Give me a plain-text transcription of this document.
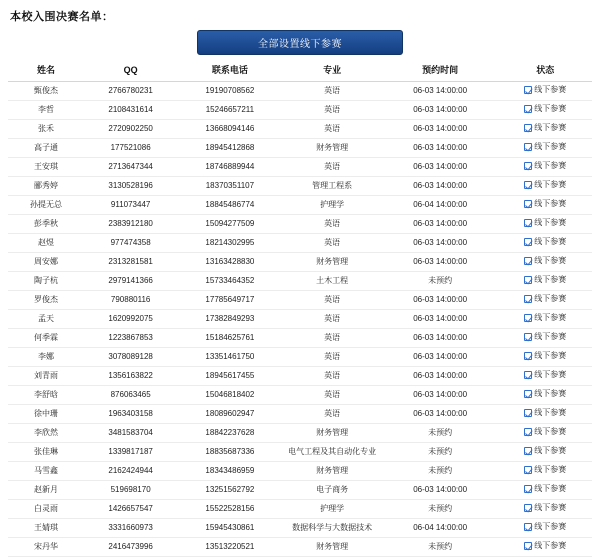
本校入围决赛名单：
全部设置线下参赛
姓名	QQ	联系电话	专业	预约时间	状态
甄俊杰	2766780231	19190708562	英语	06-03 14:00:00	线下参赛

李哲	2108431614	15246657211	英语	06-03 14:00:00	线下参赛

张禾	2720902250	13668094146	英语	06-03 14:00:00	线下参赛

高子通	177521086	18945412868	财务管理	06-03 14:00:00	线下参赛

王安琪	2713647344	18746889944	英语	06-03 14:00:00	线下参赛

郦秀婷	3130528196	18370351107	管理工程系	06-03 14:00:00	线下参赛

孙提无总	911073447	18845486774	护理学	06-04 14:00:00	线下参赛

彭季秋	2383912180	15094277509	英语	06-03 14:00:00	线下参赛

赵煜	977474358	18214302995	英语	06-03 14:00:00	线下参赛

周安娜	2313281581	13163428830	财务管理	06-03 14:00:00	线下参赛

陶子杭	2979141366	15733464352	土木工程	未预约	线下参赛

罗俊杰	790880116	17785649717	英语	06-03 14:00:00	线下参赛

孟天	1620992075	17382849293	英语	06-03 14:00:00	线下参赛

何季霖	1223867853	15184625761	英语	06-03 14:00:00	线下参赛

李娜	3078089128	13351461750	英语	06-03 14:00:00	线下参赛

刘青雨	1356163822	18945617455	英语	06-03 14:00:00	线下参赛

李舒晗	876063465	15046818402	英语	06-03 14:00:00	线下参赛

徐中珊	1963403158	18089602947	英语	06-03 14:00:00	线下参赛

李欣然	3481583704	18842237628	财务管理	未预约	线下参赛

张佳琳	1339817187	18835687336	电气工程及其自动化专业	未预约	线下参赛

马雪鑫	2162424944	18343486959	财务管理	未预约	线下参赛

赵新月	519698170	13251562792	电子商务	06-03 14:00:00	线下参赛

白灵雨	1426657547	15522528156	护理学	未预约	线下参赛

王婧琪	3331660973	15945430861	数据科学与大数据技术	06-04 14:00:00	线下参赛

宋丹华	2416473996	13513220521	财务管理	未预约	线下参赛
